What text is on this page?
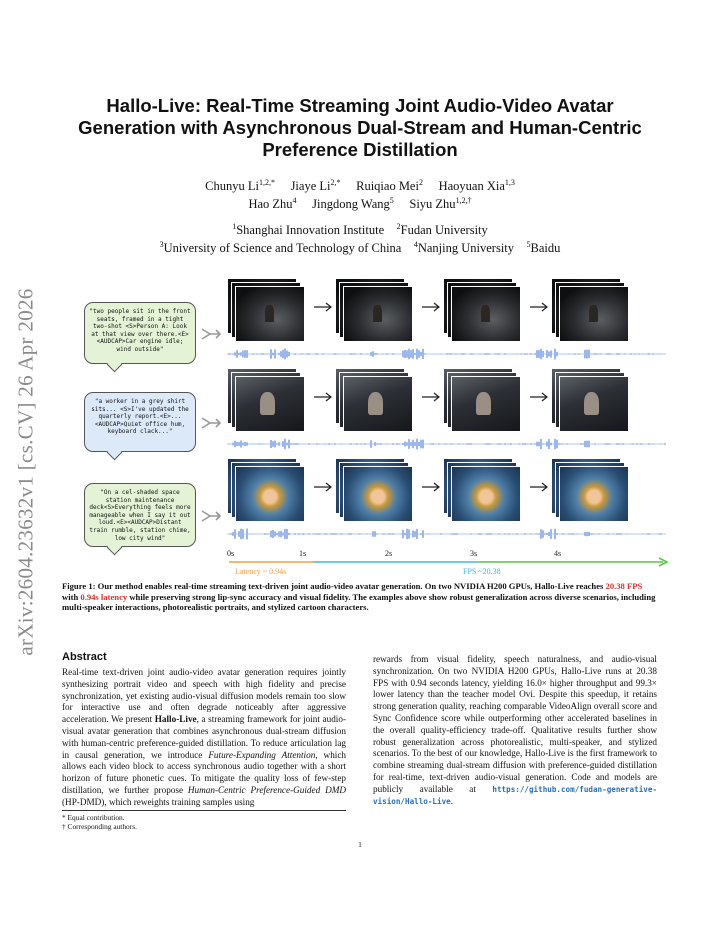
arXiv:2604.23632v1 [cs.CV] 26 Apr 2026
Hallo-Live: Real-Time Streaming Joint Audio-Video Avatar
Generation with Asynchronous Dual-Stream and Human-Centric
Preference Distillation
Chunyu $Li^{1,2,*}$ Jiaye $Li^{2,*}$ Ruiqiao Mei$^2$ Haoyuan Xia$^{1,3}$
Hao Zhu$^4$ Jingdong Wang$^5$ Siyu Zhu$^{1,2,\dagger}$
$^1$Shanghai Innovation Institute $^2$Fudan University
$^3$University of Science and Technology of China $^4$Nanjing University $^5$Baidu
"two people sit in the front seats, framed in a tight two-shot <S>Person A: Look at that view over there.<E><AUDCAP>Car engine idle; wind outside"
"a worker in a grey shirt sits... <S>I've updated the quarterly report.<E>...<AUDCAP>Quiet office hum, keyboard clack..."
"On a cel-shaded space station maintenance deck<S>Everything feels more manageable when I say it out loud.<E><AUDCAP>Distant train rumble, station chime, low city wind"
0s	1s	2s	3s	4s
Latency ~ 0.94s	FPS ~20.38
Figure 1: Our method enables real-time streaming text-driven joint audio-video avatar generation. On two NVIDIA H200 GPUs, Hallo-Live reaches 20.38 FPS with 0.94s latency while preserving strong lip-sync accuracy and visual fidelity. The examples above show robust generalization across diverse scenarios, including multi-speaker interactions, photorealistic portraits, and stylized cartoon characters.
Abstract
Real-time text-driven joint audio-video avatar generation requires jointly synthesizing portrait video and speech with high fidelity and precise synchronization, yet existing audio-visual diffusion models remain too slow for interactive use and often degrade noticeably after aggressive acceleration. We present Hallo-Live, a streaming framework for joint audio-visual avatar generation that combines asynchronous dual-stream diffusion with human-centric preference-guided distillation. To reduce articulation lag in causal generation, we introduce Future-Expanding Attention, which allows each video block to access synchronous audio together with a short horizon of future phonetic cues. To mitigate the quality loss of few-step distillation, we further propose Human-Centric Preference-Guided DMD (HP-DMD), which reweights training samples using
rewards from visual fidelity, speech naturalness, and audio-visual synchronization. On two NVIDIA H200 GPUs, Hallo-Live runs at 20.38 FPS with 0.94 seconds latency, yielding 16.0× higher throughput and 99.3× lower latency than the teacher model Ovi. Despite this speedup, it retains strong generation quality, reaching comparable VideoAlign overall score and Sync Confidence score while outperforming other accelerated baselines in the overall quality-efficiency trade-off. Qualitative results further show robust generalization across photorealistic, multi-speaker, and stylized scenarios. To the best of our knowledge, Hallo-Live is the first framework to combine streaming dual-stream diffusion with preference-guided distillation for real-time, text-driven audio-visual generation. Code and models are publicly available at https://github.com/fudan-generative-vision/Hallo-Live.
* Equal contribution.
† Corresponding authors.
1
